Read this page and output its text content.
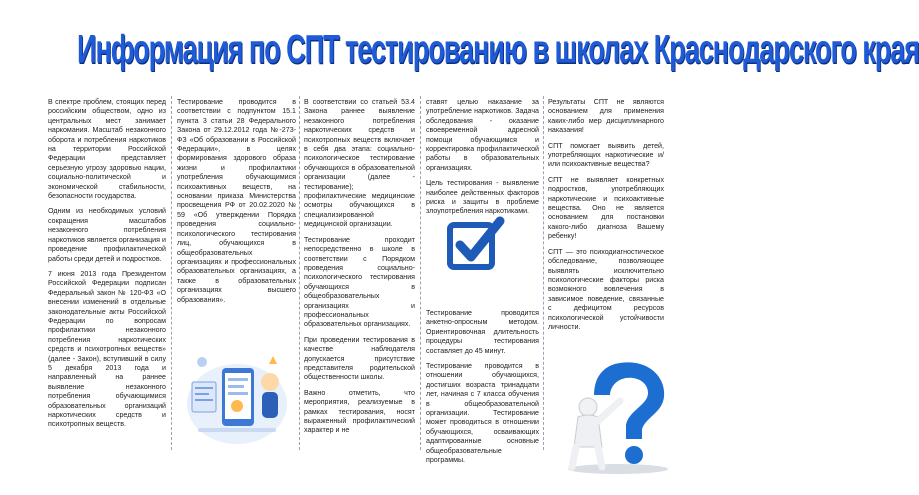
Информация по СПТ тестированию в школах Краснодарского края

В спектре проблем, стоящих перед российским обществом, одно из центральных мест занимает наркомания. Масштаб незаконного оборота и потребления наркотиков на территории Российской Федерации представляет серьезную угрозу здоровью нации, социально-политической и экономической стабильности, безопасности государства.

Одним из необходимых условий сокращения масштабов незаконного потребления наркотиков является организация и проведение профилактической работы среди детей и подростков.

7 июня 2013 года Президентом Российской Федерации подписан Федеральный закон № 120-ФЗ «О внесении изменений в отдельные законодательные акты Российской Федерации по вопросам профилактики незаконного потребления наркотических средств и психотропных веществ» (далее - Закон), вступивший в силу 5 декабря 2013 года и направленный на раннее выявление незаконного потребления обучающимися образовательных организаций наркотических средств и психотропных веществ.

Тестирование проводится в соответствии с подпунктом 15.1 пункта 3 статьи 28 Федерального Закона от 29.12.2012 года №-273-ФЗ «Об образовании в Российской Федерации», в целях формирования здорового образа жизни и профилактики употребления обучающимися психоактивных веществ, на основании приказа Министерства просвещения РФ от 20.02.2020 № 59 «Об утверждении Порядка проведения социально-психологического тестирования лиц, обучающихся в общеобразовательных организациях и профессиональных образовательных организациях, а также в образовательных организациях высшего образования».

В соответствии со статьей 53.4 Закона раннее выявление незаконного потребления наркотических средств и психотропных веществ включает в себя два этапа: социально-психологическое тестирование обучающихся в образовательной организации (далее - тестирование); профилактические медицинские осмотры обучающихся в специализированной медицинской организации.

Тестирование проходит непосредственно в школе в соответствии с Порядком проведения социально-психологического тестирования обучающихся в общеобразовательных организациях и профессиональных образовательных организациях.

При проведении тестирования в качестве наблюдателя допускается присутствие представителя родительской общественности школы.

Важно отметить, что мероприятия, реализуемые в рамках тестирования, носят выраженный профилактический характер и не

ставят целью наказание за употребление наркотиков. Задача обследования - оказание своевременной адресной помощи обучающимся и корректировка профилактической работы в образовательных организациях.

Цель тестирования - выявление наиболее действенных факторов риска и защиты в проблеме злоупотребления наркотиками.

Тестирование проводится анкетно-опросным методом. Ориентировочная длительность процедуры тестирования составляет до 45 минут.

Тестирование проводится в отношении обучающихся, достигших возраста тринадцати лет, начиная с 7 класса обучения в общеобразовательной организации. Тестирование может проводиться в отношении обучающихся, осваивающих адаптированные основные общеобразовательные программы.

Результаты СПТ не являются основанием для применения каких-либо мер дисциплинарного наказания!

СПТ помогает выявить детей, употребляющих наркотические и/или психоактивные вещества?

СПТ не выявляет конкретных подростков, употребляющих наркотические и психоактивные вещества. Оно не является основанием для постановки какого-либо диагноза Вашему ребенку!

СПТ — это психодиагностическое обследование, позволяющее выявлять исключительно психологические факторы риска возможного вовлечения в зависимое поведение, связанные с дефицитом ресурсов психологической устойчивости личности.
